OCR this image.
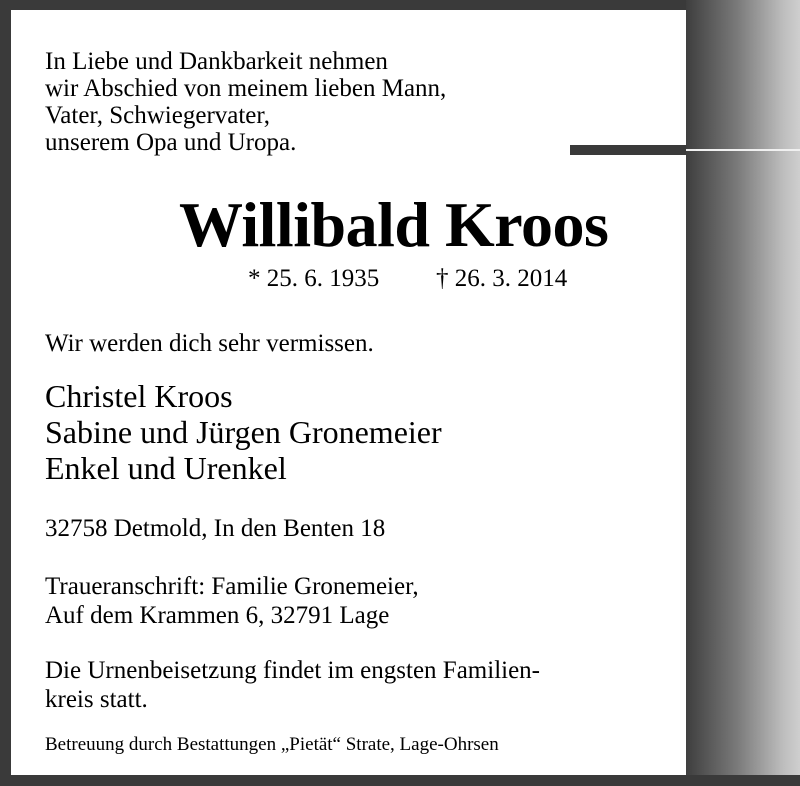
In Liebe und Dankbarkeit nehmen
wir Abschied von meinem lieben Mann,
Vater, Schwiegervater,
unserem Opa und Uropa.
Willibald Kroos
* 25. 6. 1935 † 26. 3. 2014
Wir werden dich sehr vermissen.
Christel Kroos
Sabine und Jürgen Gronemeier
Enkel und Urenkel
32758 Detmold, In den Benten 18
Traueranschrift: Familie Gronemeier,
Auf dem Krammen 6, 32791 Lage
Die Urnenbeisetzung findet im engsten Familien-
kreis statt.
Betreuung durch Bestattungen „Pietät“ Strate, Lage-Ohrsen
